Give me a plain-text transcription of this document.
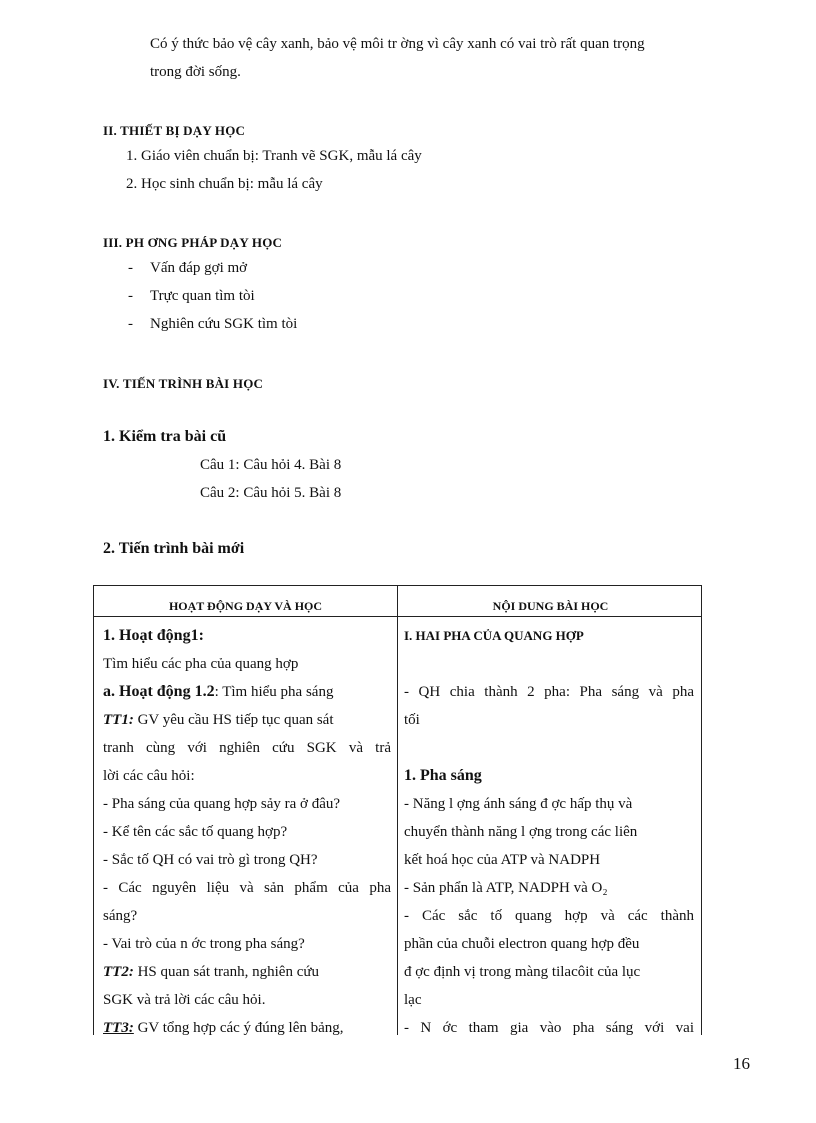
Có ý thức bảo vệ cây xanh, bảo vệ môi tr ờng vì cây xanh có vai trò rất quan trọng
trong đời sống.
II. THIẾT BỊ DẠY HỌC
1. Giáo viên chuẩn bị: Tranh vẽ SGK, mẫu lá cây
2. Học sinh chuẩn bị: mẫu lá cây
III. PH ƠNG PHÁP DẠY HỌC
- Vấn đáp gợi mở
- Trực quan tìm tòi
- Nghiên cứu SGK tìm tòi
IV. TIẾN TRÌNH BÀI HỌC
1. Kiểm tra bài cũ
Câu 1: Câu hỏi 4. Bài 8
Câu 2: Câu hỏi 5. Bài 8
2. Tiến trình bài mới
HOẠT ĐỘNG DẠY VÀ HỌC	NỘI DUNG BÀI HỌC
1. Hoạt động1:
Tìm hiểu các pha của quang hợp
a. Hoạt động 1.2: Tìm hiểu pha sáng
TT1: GV yêu cầu HS tiếp tục quan sát
tranh cùng với nghiên cứu SGK và trả
lời các câu hỏi:
- Pha sáng của quang hợp sảy ra ở đâu?
- Kể tên các sắc tố quang hợp?
- Sắc tố QH có vai trò gì trong QH?
- Các nguyên liệu và sản phẩm của pha
sáng?
- Vai trò của n ớc trong pha sáng?
TT2: HS quan sát tranh, nghiên cứu
SGK và trả lời các câu hỏi.
TT3: GV tổng hợp các ý đúng lên bảng,
I. HAI PHA CỦA QUANG HỢP
- QH chia thành 2 pha: Pha sáng và pha
tối
1. Pha sáng
- Năng l ợng ánh sáng đ ợc hấp thụ và
chuyển thành năng l ợng trong các liên
kết hoá học của ATP và NADPH
- Sản phẩn là ATP, NADPH và O₂
- Các sắc tố quang hợp và các thành
phần của chuỗi electron quang hợp đều
đ ợc định vị trong màng tilacôit của lục
lạc
- N ớc tham gia vào pha sáng với vai
16
